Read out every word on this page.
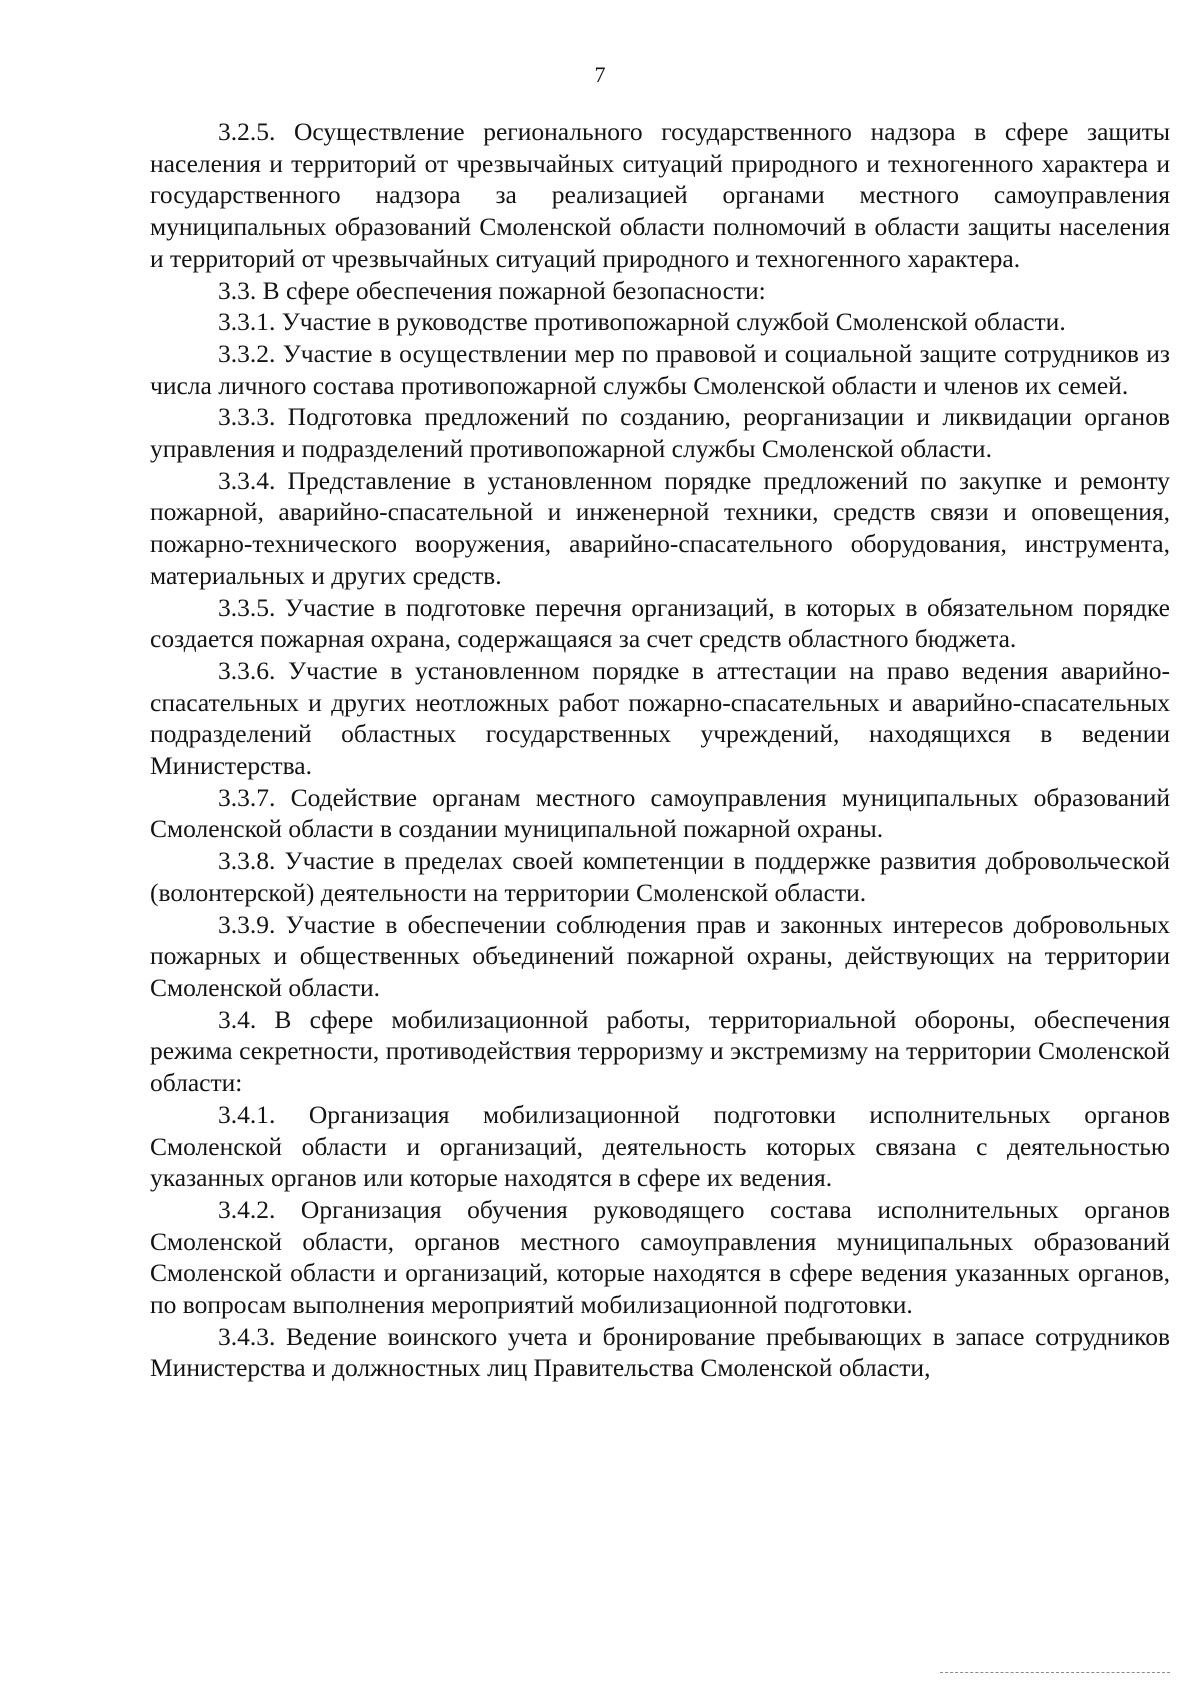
7

3.2.5. Осуществление регионального государственного надзора в сфере защиты населения и территорий от чрезвычайных ситуаций природного и техногенного характера и государственного надзора за реализацией органами местного самоуправления муниципальных образований Смоленской области полномочий в области защиты населения и территорий от чрезвычайных ситуаций природного и техногенного характера.

3.3. В сфере обеспечения пожарной безопасности:

3.3.1. Участие в руководстве противопожарной службой Смоленской области.

3.3.2. Участие в осуществлении мер по правовой и социальной защите сотрудников из числа личного состава противопожарной службы Смоленской области и членов их семей.

3.3.3. Подготовка предложений по созданию, реорганизации и ликвидации органов управления и подразделений противопожарной службы Смоленской области.

3.3.4. Представление в установленном порядке предложений по закупке и ремонту пожарной, аварийно-спасательной и инженерной техники, средств связи и оповещения, пожарно-технического вооружения, аварийно-спасательного оборудования, инструмента, материальных и других средств.

3.3.5. Участие в подготовке перечня организаций, в которых в обязательном порядке создается пожарная охрана, содержащаяся за счет средств областного бюджета.

3.3.6. Участие в установленном порядке в аттестации на право ведения аварийно-спасательных и других неотложных работ пожарно-спасательных и аварийно-спасательных подразделений областных государственных учреждений, находящихся в ведении Министерства.

3.3.7. Содействие органам местного самоуправления муниципальных образований Смоленской области в создании муниципальной пожарной охраны.

3.3.8. Участие в пределах своей компетенции в поддержке развития добровольческой (волонтерской) деятельности на территории Смоленской области.

3.3.9. Участие в обеспечении соблюдения прав и законных интересов добровольных пожарных и общественных объединений пожарной охраны, действующих на территории Смоленской области.

3.4. В сфере мобилизационной работы, территориальной обороны, обеспечения режима секретности, противодействия терроризму и экстремизму на территории Смоленской области:

3.4.1. Организация мобилизационной подготовки исполнительных органов Смоленской области и организаций, деятельность которых связана с деятельностью указанных органов или которые находятся в сфере их ведения.

3.4.2. Организация обучения руководящего состава исполнительных органов Смоленской области, органов местного самоуправления муниципальных образований Смоленской области и организаций, которые находятся в сфере ведения указанных органов, по вопросам выполнения мероприятий мобилизационной подготовки.

3.4.3. Ведение воинского учета и бронирование пребывающих в запасе сотрудников Министерства и должностных лиц Правительства Смоленской области,
